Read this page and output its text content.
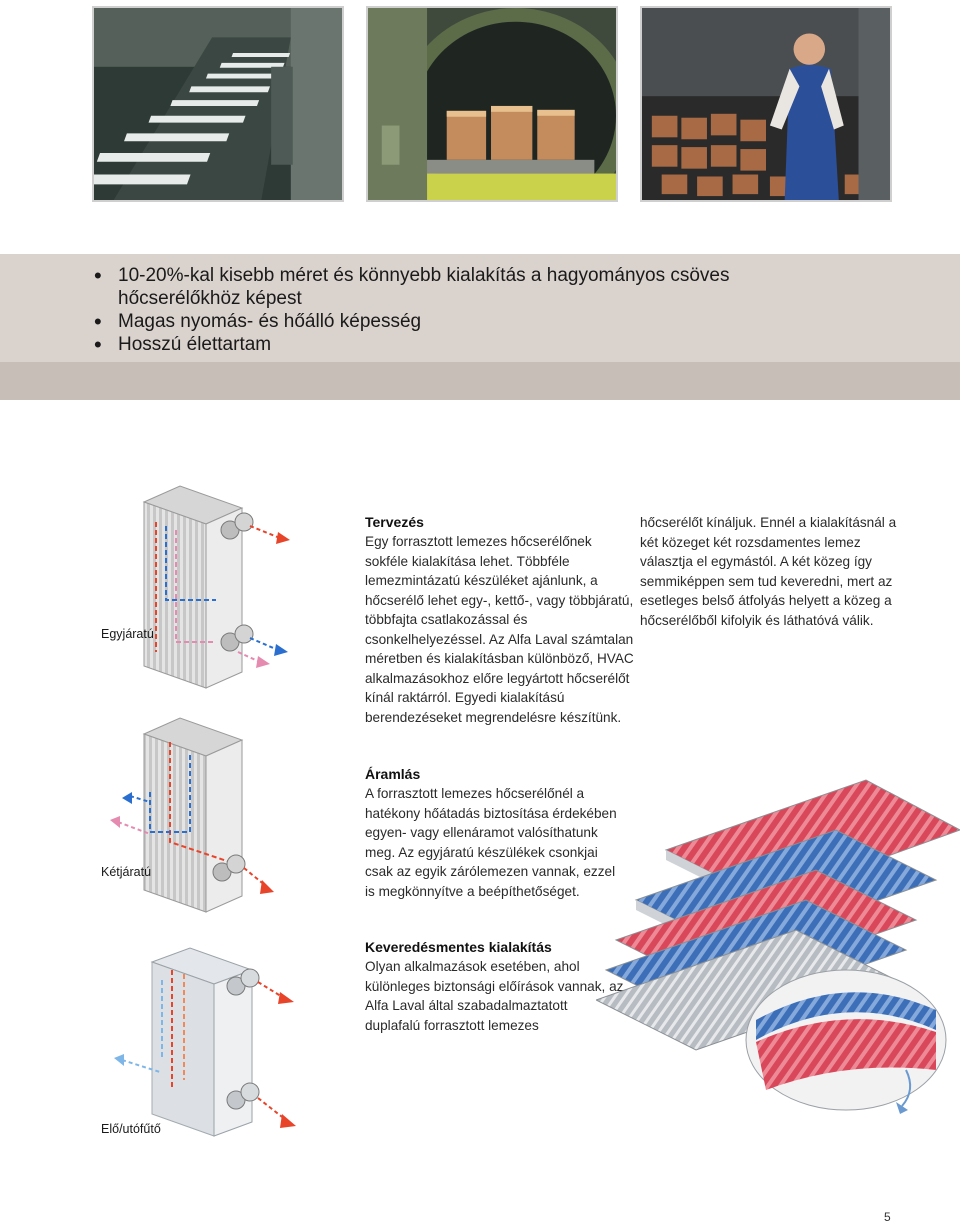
• 10-20%-kal kisebb méret és könnyebb kialakítás a hagyományos csöves hőcserélőkhöz képest
• Magas nyomás- és hőálló képesség
• Hosszú élettartam
Egyjáratú
Kétjáratú
Elő/utófűtő
Tervezés

Egy forrasztott lemezes hőcserélőnek sokféle kialakítása lehet. Többféle lemezmintázatú készüléket ajánlunk, a hőcserélő lehet egy-, kettő-, vagy többjáratú, többfajta csatlakozással és csonkelhelyezéssel. Az Alfa Laval számtalan méretben és kialakításban különböző, HVAC alkalmazásokhoz előre legyártott hőcserélőt kínál raktárról. Egyedi kialakítású berendezéseket megrendelésre készítünk.

Áramlás

A forrasztott lemezes hőcserélőnél a hatékony hőátadás biztosítása érdekében egyen- vagy ellenáramot valósíthatunk meg. Az egyjáratú készülékek csonkjai csak az egyik zárólemezen vannak, ezzel is megkönnyítve a beépíthetőséget.

Keveredésmentes kialakítás

Olyan alkalmazások esetében, ahol különleges biztonsági előírások vannak, az Alfa Laval által szabadalmaztatott duplafalú forrasztott lemezes

hőcserélőt kínáljuk. Ennél a kialakításnál a két közeget két rozsdamentes lemez választja el egymástól. A két közeg így semmiképpen sem tud keveredni, mert az esetleges belső átfolyás helyett a közeg a hőcserélőből kifolyik és láthatóvá válik.

5
